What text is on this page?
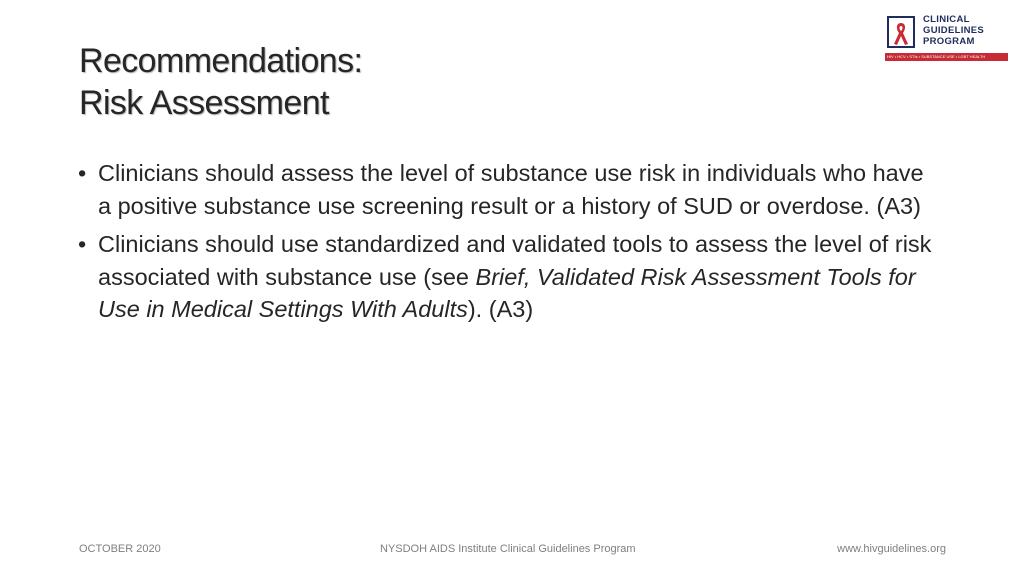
Recommendations:
Risk Assessment
CLINICAL
GUIDELINES
PROGRAM
HIV • HCV • STIs • SUBSTANCE USE • LGBT HEALTH
• Clinicians should assess the level of substance use risk in individuals who have a positive substance use screening result or a history of SUD or overdose. (A3)
• Clinicians should use standardized and validated tools to assess the level of risk associated with substance use (see Brief, Validated Risk Assessment Tools for Use in Medical Settings With Adults). (A3)
OCTOBER 2020	NYSDOH AIDS Institute Clinical Guidelines Program	www.hivguidelines.org
